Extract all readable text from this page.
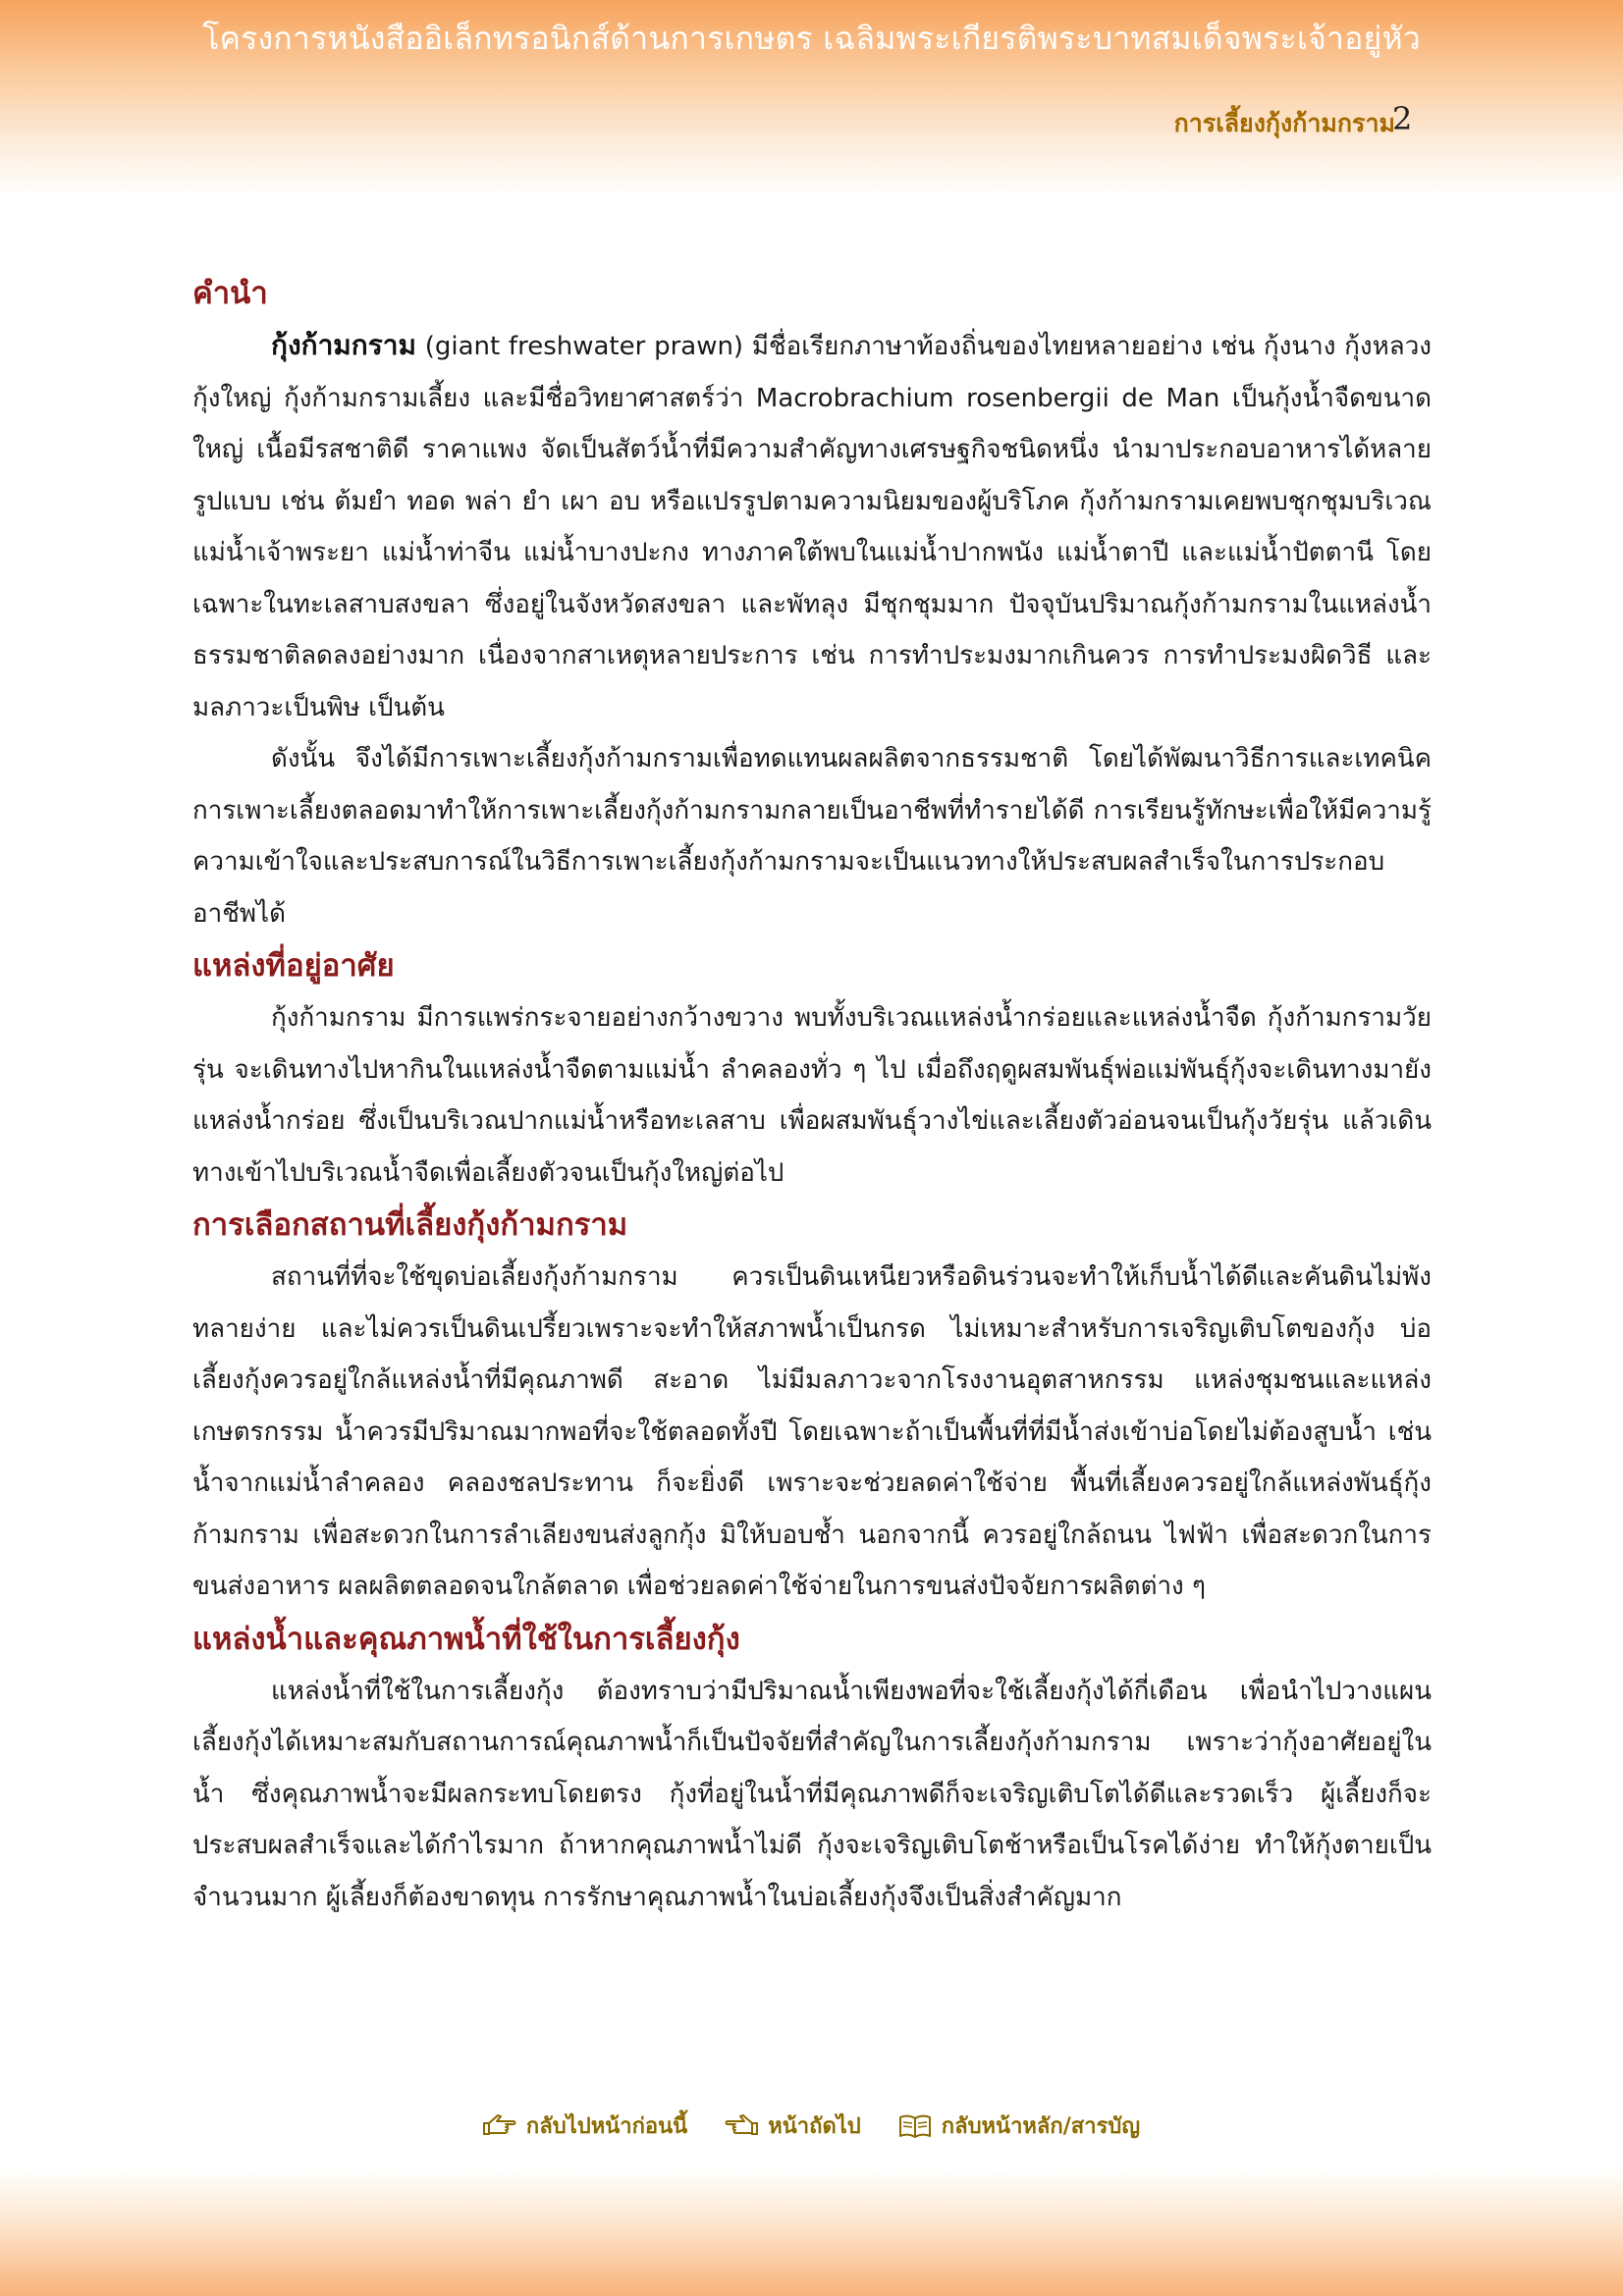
โครงการหนังสืออิเล็กทรอนิกส์ด้านการเกษตร เฉลิมพระเกียรติพระบาทสมเด็จพระเจ้าอยู่หัว
การเลี้ยงกุ้งก้ามกราม
2
คำนำ

กุ้งก้ามกราม (giant freshwater prawn) มีชื่อเรียกภาษาท้องถิ่นของไทยหลายอย่าง เช่น กุ้งนาง กุ้งหลวง กุ้งใหญ่ กุ้งก้ามกรามเลี้ยง และมีชื่อวิทยาศาสตร์ว่า Macrobrachium rosenbergii de Man เป็นกุ้งน้ำจืดขนาดใหญ่ เนื้อมีรสชาติดี ราคาแพง จัดเป็นสัตว์น้ำที่มีความสำคัญทางเศรษฐกิจชนิดหนึ่ง นำมาประกอบอาหารได้หลายรูปแบบ เช่น ต้มยำ ทอด พล่า ยำ เผา อบ หรือแปรรูปตามความนิยมของผู้บริโภค กุ้งก้ามกรามเคยพบชุกชุมบริเวณแม่น้ำเจ้าพระยา แม่น้ำท่าจีน แม่น้ำบางปะกง ทางภาคใต้พบในแม่น้ำปากพนัง แม่น้ำตาปี และแม่น้ำปัตตานี โดยเฉพาะในทะเลสาบสงขลา ซึ่งอยู่ในจังหวัดสงขลา และพัทลุง มีชุกชุมมาก ปัจจุบันปริมาณกุ้งก้ามกรามในแหล่งน้ำธรรมชาติลดลงอย่างมาก เนื่องจากสาเหตุหลายประการ เช่น การทำประมงมากเกินควร การทำประมงผิดวิธี และมลภาวะเป็นพิษ เป็นต้น

ดังนั้น จึงได้มีการเพาะเลี้ยงกุ้งก้ามกรามเพื่อทดแทนผลผลิตจากธรรมชาติ โดยได้พัฒนาวิธีการและเทคนิคการเพาะเลี้ยงตลอดมาทำให้การเพาะเลี้ยงกุ้งก้ามกรามกลายเป็นอาชีพที่ทำรายได้ดี การเรียนรู้ทักษะเพื่อให้มีความรู้ ความเข้าใจและประสบการณ์ในวิธีการเพาะเลี้ยงกุ้งก้ามกรามจะเป็นแนวทางให้ประสบผลสำเร็จในการประกอบอาชีพได้

แหล่งที่อยู่อาศัย

กุ้งก้ามกราม มีการแพร่กระจายอย่างกว้างขวาง พบทั้งบริเวณแหล่งน้ำกร่อยและแหล่งน้ำจืด กุ้งก้ามกรามวัยรุ่น จะเดินทางไปหากินในแหล่งน้ำจืดตามแม่น้ำ ลำคลองทั่ว ๆ ไป เมื่อถึงฤดูผสมพันธุ์พ่อแม่พันธุ์กุ้งจะเดินทางมายังแหล่งน้ำกร่อย ซึ่งเป็นบริเวณปากแม่น้ำหรือทะเลสาบ เพื่อผสมพันธุ์วางไข่และเลี้ยงตัวอ่อนจนเป็นกุ้งวัยรุ่น แล้วเดินทางเข้าไปบริเวณน้ำจืดเพื่อเลี้ยงตัวจนเป็นกุ้งใหญ่ต่อไป

การเลือกสถานที่เลี้ยงกุ้งก้ามกราม

สถานที่ที่จะใช้ขุดบ่อเลี้ยงกุ้งก้ามกราม ควรเป็นดินเหนียวหรือดินร่วนจะทำให้เก็บน้ำได้ดีและคันดินไม่พังทลายง่าย และไม่ควรเป็นดินเปรี้ยวเพราะจะทำให้สภาพน้ำเป็นกรด ไม่เหมาะสำหรับการเจริญเติบโตของกุ้ง บ่อเลี้ยงกุ้งควรอยู่ใกล้แหล่งน้ำที่มีคุณภาพดี สะอาด ไม่มีมลภาวะจากโรงงานอุตสาหกรรม แหล่งชุมชนและแหล่งเกษตรกรรม น้ำควรมีปริมาณมากพอที่จะใช้ตลอดทั้งปี โดยเฉพาะถ้าเป็นพื้นที่ที่มีน้ำส่งเข้าบ่อโดยไม่ต้องสูบน้ำ เช่น น้ำจากแม่น้ำลำคลอง คลองชลประทาน ก็จะยิ่งดี เพราะจะช่วยลดค่าใช้จ่าย พื้นที่เลี้ยงควรอยู่ใกล้แหล่งพันธุ์กุ้งก้ามกราม เพื่อสะดวกในการลำเลียงขนส่งลูกกุ้ง มิให้บอบช้ำ นอกจากนี้ ควรอยู่ใกล้ถนน ไฟฟ้า เพื่อสะดวกในการขนส่งอาหาร ผลผลิตตลอดจนใกล้ตลาด เพื่อช่วยลดค่าใช้จ่ายในการขนส่งปัจจัยการผลิตต่าง ๆ

แหล่งน้ำและคุณภาพน้ำที่ใช้ในการเลี้ยงกุ้ง

แหล่งน้ำที่ใช้ในการเลี้ยงกุ้ง ต้องทราบว่ามีปริมาณน้ำเพียงพอที่จะใช้เลี้ยงกุ้งได้กี่เดือน เพื่อนำไปวางแผนเลี้ยงกุ้งได้เหมาะสมกับสถานการณ์คุณภาพน้ำก็เป็นปัจจัยที่สำคัญในการเลี้ยงกุ้งก้ามกราม เพราะว่ากุ้งอาศัยอยู่ในน้ำ ซึ่งคุณภาพน้ำจะมีผลกระทบโดยตรง กุ้งที่อยู่ในน้ำที่มีคุณภาพดีก็จะเจริญเติบโตได้ดีและรวดเร็ว ผู้เลี้ยงก็จะประสบผลสำเร็จและได้กำไรมาก ถ้าหากคุณภาพน้ำไม่ดี กุ้งจะเจริญเติบโตช้าหรือเป็นโรคได้ง่าย ทำให้กุ้งตายเป็นจำนวนมาก ผู้เลี้ยงก็ต้องขาดทุน การรักษาคุณภาพน้ำในบ่อเลี้ยงกุ้งจึงเป็นสิ่งสำคัญมาก

กลับไปหน้าก่อนนี้	หน้าถัดไป	กลับหน้าหลัก/สารบัญ
